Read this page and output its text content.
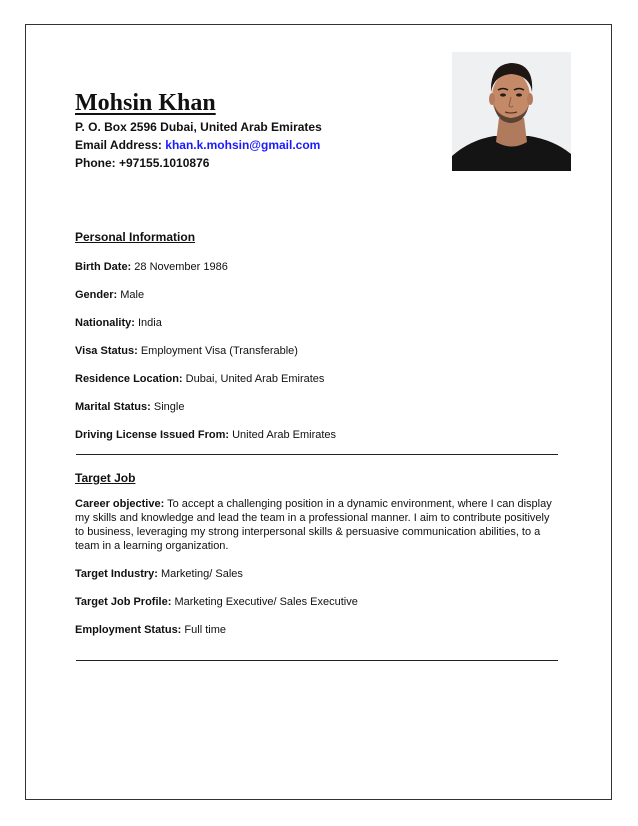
Mohsin Khan
P. O. Box 2596 Dubai, United Arab Emirates
Email Address: khan.k.mohsin@gmail.com
Phone: +97155.1010876
Personal Information
Birth Date: 28 November 1986
Gender: Male
Nationality: India
Visa Status: Employment Visa (Transferable)
Residence Location: Dubai, United Arab Emirates
Marital Status: Single
Driving License Issued From: United Arab Emirates
Target Job
Career objective: To accept a challenging position in a dynamic environment, where I can display my skills and knowledge and lead the team in a professional manner. I aim to contribute positively to business, leveraging my strong interpersonal skills & persuasive communication abilities, to a team in a learning organization.
Target Industry: Marketing/ Sales
Target Job Profile: Marketing Executive/ Sales Executive
Employment Status: Full time
